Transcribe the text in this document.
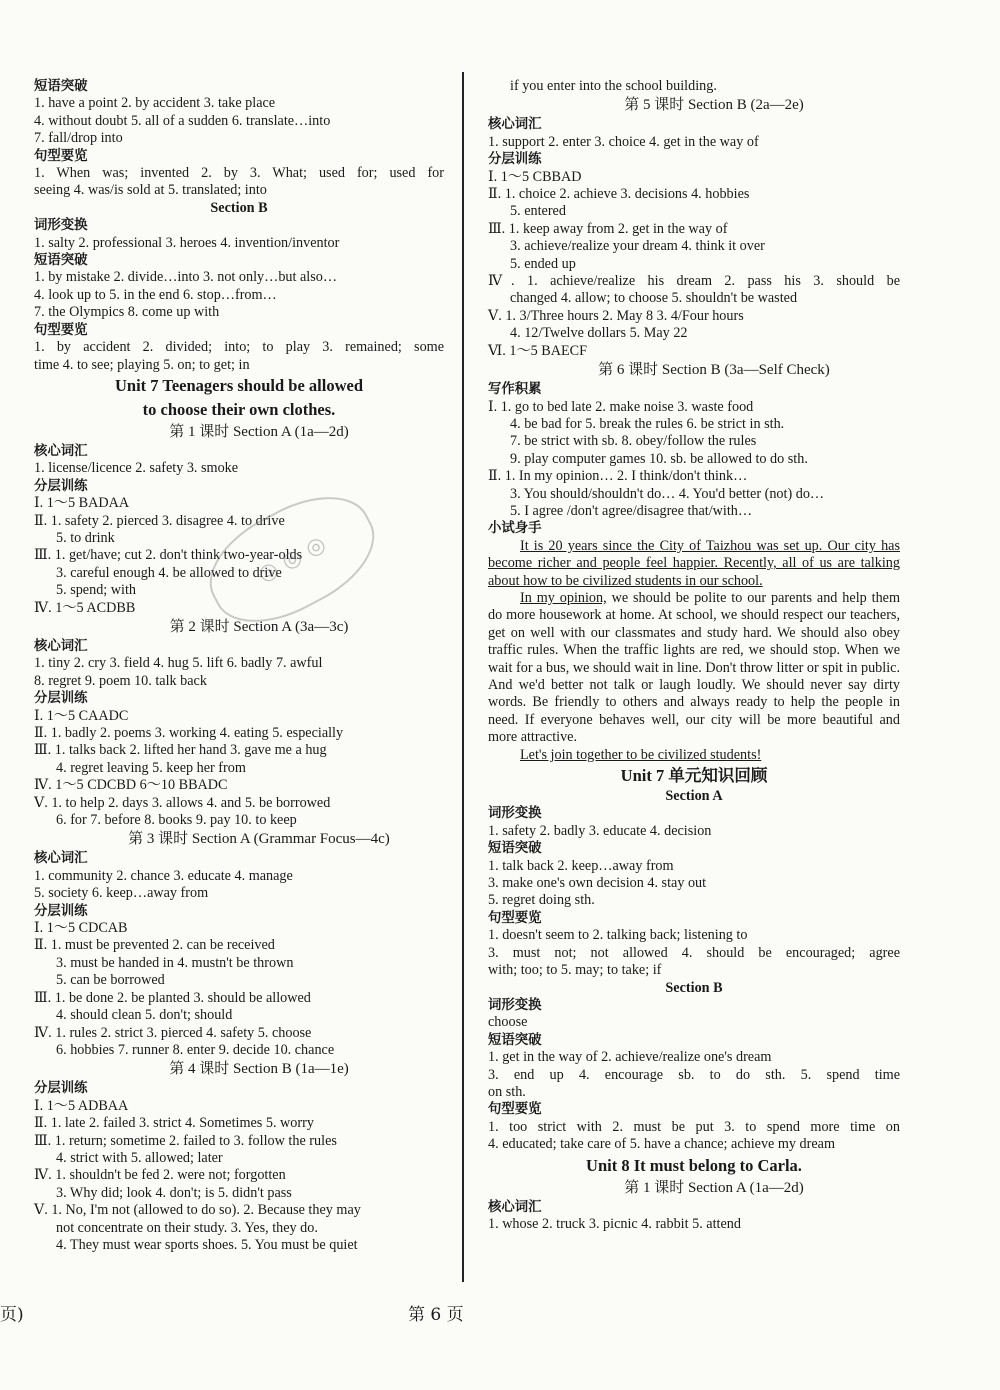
短语突破
1. have a point 2. by accident 3. take place
4. without doubt 5. all of a sudden 6. translate…into
7. fall/drop into
句型要览
1. When was; invented 2. by 3. What; used for; used for
seeing 4. was/is sold at 5. translated; into
Section B
词形变换
1. salty 2. professional 3. heroes 4. invention/inventor
短语突破
1. by mistake 2. divide…into 3. not only…but also…
4. look up to 5. in the end 6. stop…from…
7. the Olympics 8. come up with
句型要览
1. by accident 2. divided; into; to play 3. remained; some
time 4. to see; playing 5. on; to get; in
Unit 7 Teenagers should be allowed
to choose their own clothes.
第 1 课时 Section A (1a—2d)
核心词汇
1. license/licence 2. safety 3. smoke
分层训练
Ⅰ. 1～5 BADAA
Ⅱ. 1. safety 2. pierced 3. disagree 4. to drive
5. to drink
Ⅲ. 1. get/have; cut 2. don't think two-year-olds
3. careful enough 4. be allowed to drive
5. spend; with
Ⅳ. 1～5 ACDBB
第 2 课时 Section A (3a—3c)
核心词汇
1. tiny 2. cry 3. field 4. hug 5. lift 6. badly 7. awful
8. regret 9. poem 10. talk back
分层训练
Ⅰ. 1～5 CAADC
Ⅱ. 1. badly 2. poems 3. working 4. eating 5. especially
Ⅲ. 1. talks back 2. lifted her hand 3. gave me a hug
4. regret leaving 5. keep her from
Ⅳ. 1～5 CDCBD 6～10 BBADC
Ⅴ. 1. to help 2. days 3. allows 4. and 5. be borrowed
6. for 7. before 8. books 9. pay 10. to keep
第 3 课时 Section A (Grammar Focus—4c)
核心词汇
1. community 2. chance 3. educate 4. manage
5. society 6. keep…away from
分层训练
Ⅰ. 1～5 CDCAB
Ⅱ. 1. must be prevented 2. can be received
3. must be handed in 4. mustn't be thrown
5. can be borrowed
Ⅲ. 1. be done 2. be planted 3. should be allowed
4. should clean 5. don't; should
Ⅳ. 1. rules 2. strict 3. pierced 4. safety 5. choose
6. hobbies 7. runner 8. enter 9. decide 10. chance
第 4 课时 Section B (1a—1e)
分层训练
Ⅰ. 1～5 ADBAA
Ⅱ. 1. late 2. failed 3. strict 4. Sometimes 5. worry
Ⅲ. 1. return; sometime 2. failed to 3. follow the rules
4. strict with 5. allowed; later
Ⅳ. 1. shouldn't be fed 2. were not; forgotten
3. Why did; look 4. don't; is 5. didn't pass
Ⅴ. 1. No, I'm not (allowed to do so). 2. Because they may
not concentrate on their study. 3. Yes, they do.
4. They must wear sports shoes. 5. You must be quiet
if you enter into the school building.
第 5 课时 Section B (2a—2e)
核心词汇
1. support 2. enter 3. choice 4. get in the way of
分层训练
Ⅰ. 1～5 CBBAD
Ⅱ. 1. choice 2. achieve 3. decisions 4. hobbies
5. entered
Ⅲ. 1. keep away from 2. get in the way of
3. achieve/realize your dream 4. think it over
5. ended up
Ⅳ. 1. achieve/realize his dream 2. pass his 3. should be
changed 4. allow; to choose 5. shouldn't be wasted
Ⅴ. 1. 3/Three hours 2. May 8 3. 4/Four hours
4. 12/Twelve dollars 5. May 22
Ⅵ. 1～5 BAECF
第 6 课时 Section B (3a—Self Check)
写作积累
Ⅰ. 1. go to bed late 2. make noise 3. waste food
4. be bad for 5. break the rules 6. be strict in sth.
7. be strict with sb. 8. obey/follow the rules
9. play computer games 10. sb. be allowed to do sth.
Ⅱ. 1. In my opinion… 2. I think/don't think…
3. You should/shouldn't do… 4. You'd better (not) do…
5. I agree /don't agree/disagree that/with…
小试身手
It is 20 years since the City of Taizhou was set up. Our city has become richer and people feel happier. Recently, all of us are talking about how to be civilized students in our school.
In my opinion, we should be polite to our parents and help them do more housework at home. At school, we should respect our teachers, get on well with our classmates and study hard. We should also obey traffic rules. When the traffic lights are red, we should stop. When we wait for a bus, we should wait in line. Don't throw litter or spit in public. And we'd better not talk or laugh loudly. We should never say dirty words. Be friendly to others and always ready to help the people in need. If everyone behaves well, our city will be more beautiful and more attractive.
Let's join together to be civilized students!
Unit 7 单元知识回顾
Section A
词形变换
1. safety 2. badly 3. educate 4. decision
短语突破
1. talk back 2. keep…away from
3. make one's own decision 4. stay out
5. regret doing sth.
句型要览
1. doesn't seem to 2. talking back; listening to
3. must not; not allowed 4. should be encouraged; agree
with; too; to 5. may; to take; if
Section B
词形变换
choose
短语突破
1. get in the way of 2. achieve/realize one's dream
3. end up 4. encourage sb. to do sth. 5. spend time
on sth.
句型要览
1. too strict with 2. must be put 3. to spend more time on
4. educated; take care of 5. have a chance; achieve my dream
Unit 8 It must belong to Carla.
第 1 课时 Section A (1a—2d)
核心词汇
1. whose 2. truck 3. picnic 4. rabbit 5. attend
◎ ◎ ◎
页)	第 6 页
